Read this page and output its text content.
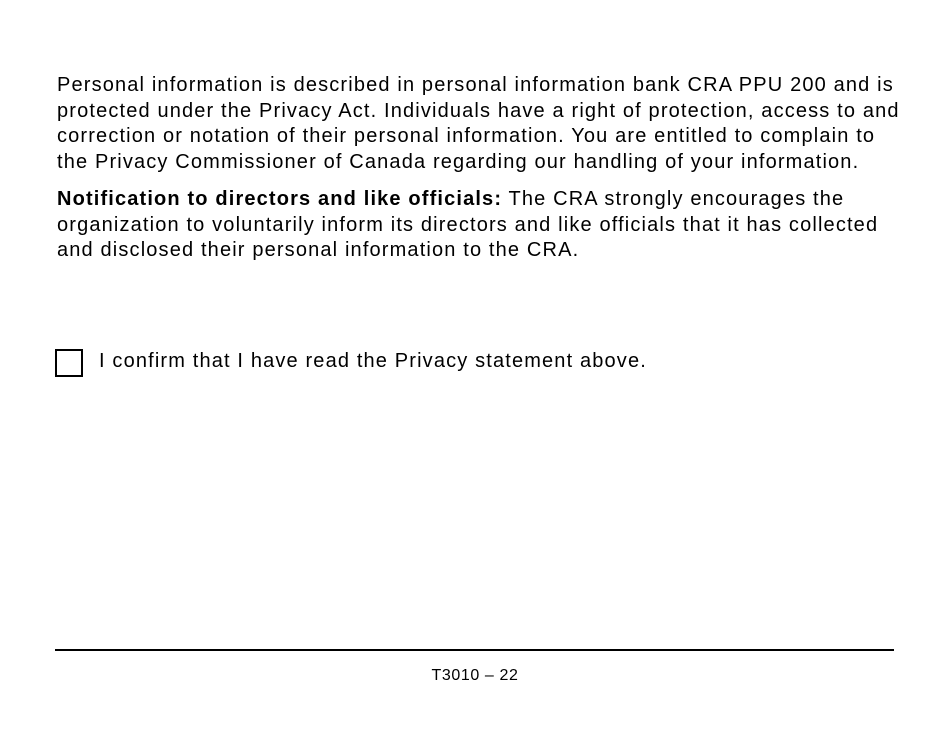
Personal information is described in personal information bank CRA PPU 200 and is protected under the Privacy Act. Individuals have a right of protection, access to and correction or notation of their personal information. You are entitled to complain to the Privacy Commissioner of Canada regarding our handling of your information.

Notification to directors and like officials: The CRA strongly encourages the organization to voluntarily inform its directors and like officials that it has collected and disclosed their personal information to the CRA.

I confirm that I have read the Privacy statement above.
T3010 – 22
